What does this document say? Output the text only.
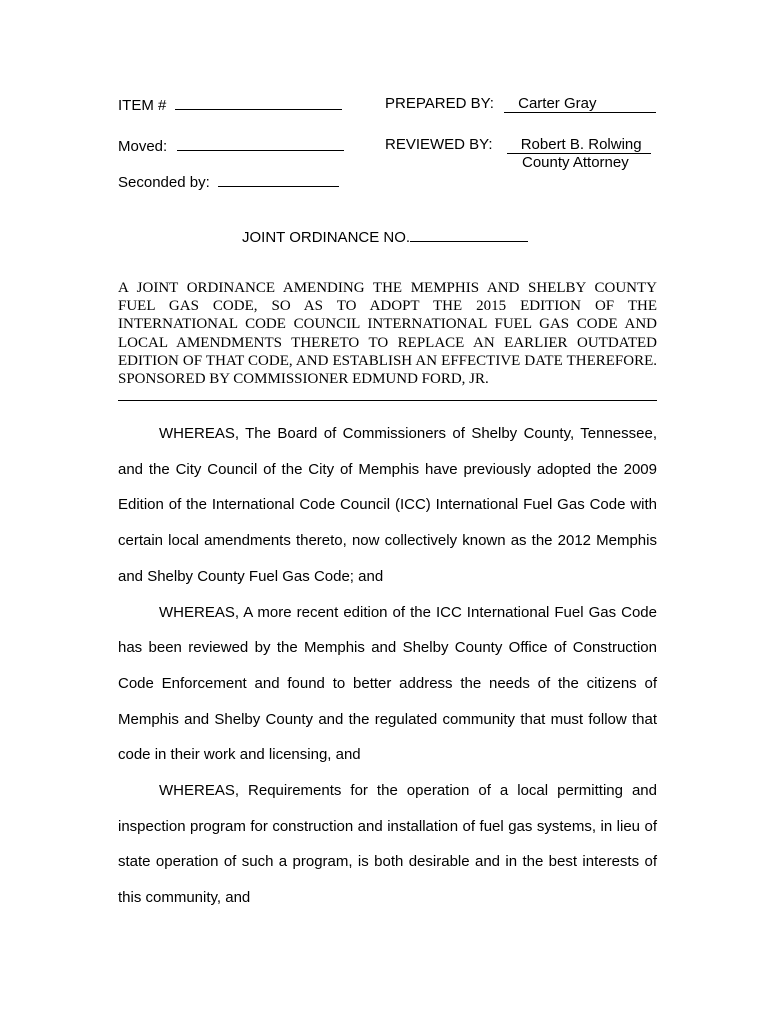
ITEM #
Moved:
Seconded by:
PREPARED BY: Carter Gray
REVIEWED BY: Robert B. Rolwing
County Attorney
JOINT ORDINANCE NO.
A JOINT ORDINANCE AMENDING THE MEMPHIS AND SHELBY COUNTY FUEL GAS CODE, SO AS TO ADOPT THE 2015 EDITION OF THE INTERNATIONAL CODE COUNCIL INTERNATIONAL FUEL GAS CODE AND LOCAL AMENDMENTS THERETO TO REPLACE AN EARLIER OUTDATED EDITION OF THAT CODE, AND ESTABLISH AN EFFECTIVE DATE THEREFORE. SPONSORED BY COMMISSIONER EDMUND FORD, JR.

WHEREAS, The Board of Commissioners of Shelby County, Tennessee, and the City Council of the City of Memphis have previously adopted the 2009 Edition of the International Code Council (ICC) International Fuel Gas Code with certain local amendments thereto, now collectively known as the 2012 Memphis and Shelby County Fuel Gas Code; and

WHEREAS, A more recent edition of the ICC International Fuel Gas Code has been reviewed by the Memphis and Shelby County Office of Construction Code Enforcement and found to better address the needs of the citizens of Memphis and Shelby County and the regulated community that must follow that code in their work and licensing, and

WHEREAS, Requirements for the operation of a local permitting and inspection program for construction and installation of fuel gas systems, in lieu of state operation of such a program, is both desirable and in the best interests of this community, and
